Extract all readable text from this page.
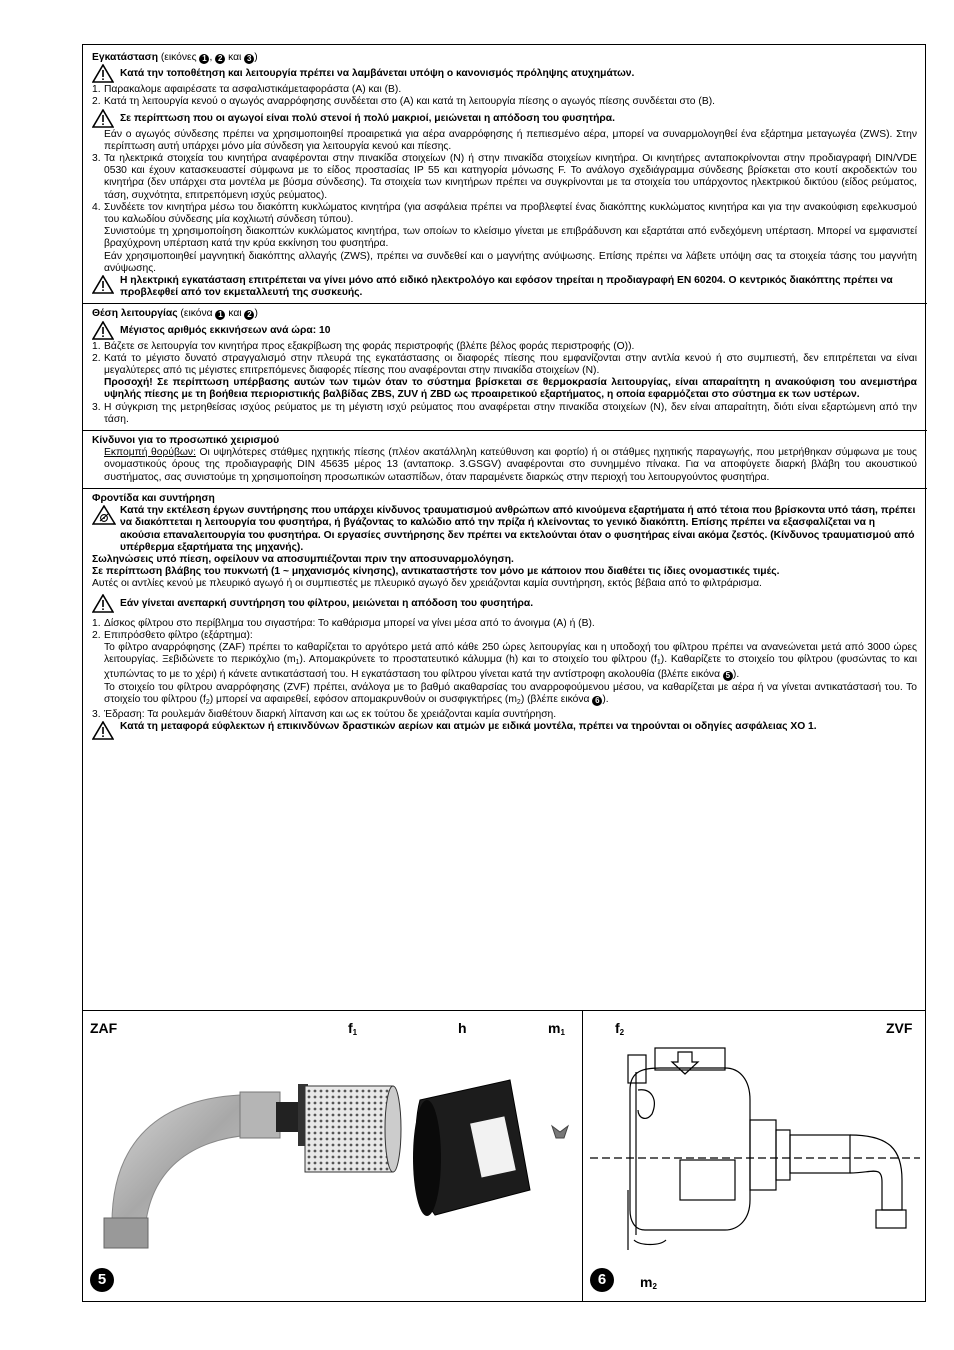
Εγκατάσταση (εικόνες 1 , 2 και 3 )
Κατά την τοποθέτηση και λειτουργία πρέπει να λαμβάνεται υπόψη ο κανονισμός πρόληψης ατυχημάτων.
1. Παρακαλομε αφαιρέσατε τα ασφαλιστικάμεταφοράστα (A) και (B).
2. Κατά τη λειτουργία κενού ο αγωγός αναρρόφησης συνδέεται στο (A) και κατά τη λειτουργία πίεσης ο αγωγός πίεσης συνδέεται στο (B).
Σε περίπτωση που οι αγωγοί είναι πολύ στενοί ή πολύ μακριοί, μειώνεται η απόδοση του φυσητήρα.
Εάν ο αγωγός σύνδεσης πρέπει να χρησιμοποιηθεί προαιρετικά για αέρα αναρρόφησης ή πεπιεσμένο αέρα, μπορεί να συναρμολογηθεί ένα εξάρτημα μεταγωγέα (ZWS). Στην περίπτωση αυτή υπάρχει μόνο μία σύνδεση για λειτουργία κενού και πίεσης.
3. Τα ηλεκτρικά στοιχεία του κινητήρα αναφέρονται στην πινακίδα στοιχείων (N) ή στην πινακίδα στοιχείων κινητήρα. Οι κινητήρες ανταποκρίνονται στην προδιαγραφή DIN/VDE 0530 και έχουν κατασκευαστεί σύμφωνα με το είδος προστασίας IP 55 και κατηγορία μόνωσης F. Το ανάλογο σχεδιάγραμμα σύνδεσης βρίσκεται στο κουτί ακροδεκτών του κινητήρα (δεν υπάρχει στα μοντέλα με βύσμα σύνδεσης). Τα στοιχεία των κινητήρων πρέπει να συγκρίνονται με τα στοιχεία του υπάρχοντος ηλεκτρικού δικτύου (είδος ρεύματος, τάση, συχνότητα, επιτρεπόμενη ισχύς ρεύματος).
4. Συνδέετε τον κινητήρα μέσω του διακόπτη κυκλώματος κινητήρα (για ασφάλεια πρέπει να προβλεφτεί ένας διακόπτης κυκλώματος κινητήρα και για την ανακούφιση εφελκυσμού του καλωδίου σύνδεσης μία κοχλιωτή σύνδεση τύπου).
Συνιστούμε τη χρησιμοποίηση διακοπτών κυκλώματος κινητήρα, των οποίων το κλείσιμο γίνεται με επιβράδυνση και εξαρτάται από ενδεχόμενη υπέρταση. Μπορεί να εμφανιστεί βραχύχρονη υπέρταση κατά την κρύα εκκίνηση του φυσητήρα.
Εάν χρησιμοποιηθεί μαγνητική διακόπτης αλλαγής (ZWS), πρέπει να συνδεθεί και ο μαγνήτης ανύψωσης. Επίσης πρέπει να λάβετε υπόψη σας τα στοιχεία τάσης του μαγνήτη ανύψωσης.
Η ηλεκτρική εγκατάσταση επιτρέπεται να γίνει μόνο από ειδικό ηλεκτρολόγο και εφόσον τηρείται η προδιαγραφή EN 60204. Ο κεντρικός διακόπτης πρέπει να προβλεφθεί από τον εκμεταλλευτή της συσκευής.
Θέση λειτουργίας (εικόνα 1 και 2 )
Μέγιστος αριθμός εκκινήσεων ανά ώρα: 10
1. Βάζετε σε λειτουργία τον κινητήρα προς εξακρίβωση της φοράς περιστροφής (βλέπε βέλος φοράς περιστροφής (O)).
2. Κατά το μέγιστο δυνατό στραγγαλισμό στην πλευρά της εγκατάστασης οι διαφορές πίεσης που εμφανίζονται στην αντλία κενού ή στο συμπιεστή, δεν επιτρέπεται να είναι μεγαλύτερες από τις μέγιστες επιτρεπόμενες διαφορές πίεσης που αναφέρονται στην πινακίδα στοιχείων (N).
Προσοχή! Σε περίπτωση υπέρβασης αυτών των τιμών όταν το σύστημα βρίσκεται σε θερμοκρασία λειτουργίας, είναι απαραίτητη η ανακούφιση του ανεμιστήρα υψηλής πίεσης με τη βοήθεια περιοριστικής βαλβίδας ZBS, ZUV ή ZBD ως προαιρετικού εξαρτήματος, η οποία εφαρμόζεται στο σύστημα εκ των υστέρων.
3. Η σύγκριση της μετρηθείσας ισχύος ρεύματος με τη μέγιστη ισχύ ρεύματος που αναφέρεται στην πινακίδα στοιχείων (N), δεν είναι απαραίτητη, διότι είναι εξαρτώμενη από την τάση.
Κίνδυνοι για το προσωπικό χειρισμού
Εκπομπή θορύβων: Οι υψηλότερες στάθμες ηχητικής πίεσης (πλέον ακατάλληλη κατεύθυνση και φορτίο) ή οι στάθμες ηχητικής παραγωγής, που μετρήθηκαν σύμφωνα με τους ονομαστικούς όρους της προδιαγραφής DIN 45635 μέρος 13 (ανταποκρ. 3.GSGV) αναφέρονται στο συνημμένο πίνακα. Για να αποφύγετε διαρκή βλάβη του ακουστικού συστήματος, σας συνιστούμε τη χρησιμοποίηση προσωπικών ωτασπίδων, όταν παραμένετε διαρκώς στην περιοχή του λειτουργούντος φυσητήρα.
Φροντίδα και συντήρηση
Κατά την εκτέλεση έργων συντήρησης που υπάρχει κίνδυνος τραυματισμού ανθρώπων από κινούμενα εξαρτήματα ή από τέτοια που βρίσκοντα υπό τάση, πρέπει να διακόπτεται η λειτουργία του φυσητήρα, ή βγάζοντας το καλώδιο από την πρίζα ή κλείνοντας το γενικό διακόπτη. Επίσης πρέπει να εξασφαλίζεται να η ακούσια επαναλειτουργία του φυσητήρα. Οι εργασίες συντήρησης δεν πρέπει να εκτελούνται όταν ο φυσητήρας είναι ακόμα ζεστός. (Κίνδυνος τραυματισμού από υπέρθερμα εξαρτήματα της μηχανής).
Σωληνώσεις υπό πίεση, οφείλουν να αποσυμπιέζονται πριν την αποσυναρμολόγηση.
Σε περίπτωση βλάβης του πυκνωτή (1 ~ μηχανισμός κίνησης), αντικαταστήστε τον μόνο με κάποιον που διαθέτει τις ίδιες ονομαστικές τιμές.
Αυτές οι αντλίες κενού με πλευρικό αγωγό ή οι συμπιεστές με πλευρικό αγωγό δεν χρειάζονται καμία συντήρηση, εκτός βέβαια από το φιλτράρισμα.
Εάν γίνεται ανεπαρκή συντήρηση του φίλτρου, μειώνεται η απόδοση του φυσητήρα.
1. Δίσκος φίλτρου στο περίβλημα του σιγαστήρα: Το καθάρισμα μπορεί να γίνει μέσα από το άνοιγμα (A) ή (B).
2. Επιπρόσθετο φίλτρο (εξάρτημα):
Το φίλτρο αναρρόφησης (ZAF) πρέπει το καθαρίζεται το αργότερο μετά από κάθε 250 ώρες λειτουργίας και η υποδοχή του φίλτρου πρέπει να ανανεώνεται μετά από 3000 ώρες λειτουργίας. Ξεβιδώνετε το περικόχλιο $(m_1)$. Απομακρύνετε το προστατευτικό κάλυμμα (h) και το στοιχείο του φίλτρου $(f_1)$. Καθαρίζετε το στοιχείο του φίλτρου (φυσώντας το και χτυπώντας το με το χέρι) ή κάνετε αντικατάστασή του. H εγκατάσταση του φίλτρου γίνεται κατά την αντίστροφη ακολουθία (βλέπε εικόνα 5 ).
Το στοιχείο του φίλτρου αναρρόφησης (ZVF) πρέπει, ανάλογα με το βαθμό ακαθαρσίας του αναρροφούμενου μέσου, να καθαρίζεται με αέρα ή να γίνεται αντικατάστασή του. Το στοιχείο του φίλτρου $(f_2)$ μπορεί να αφαιρεθεί, εφόσον απομακρυνθούν οι συσφιγκτήρες $(m_2)$ (βλέπε εικόνα 6 ).
3. Έδραση: Τα ρουλεμάν διαθέτουν διαρκή λίπανση και ως εκ τούτου δε χρειάζονται καμία συντήρηση.
Κατά τη μεταφορά εύφλεκτων ή επικινδύνων δραστικών αερίων και ατμών με ειδικά μοντέλα, πρέπει να τηρούνται οι οδηγίες ασφάλειας XO 1.
ZAF	$f_1$	h	$m_1$	$f_2$	ZVF
$m_2$
5	6
